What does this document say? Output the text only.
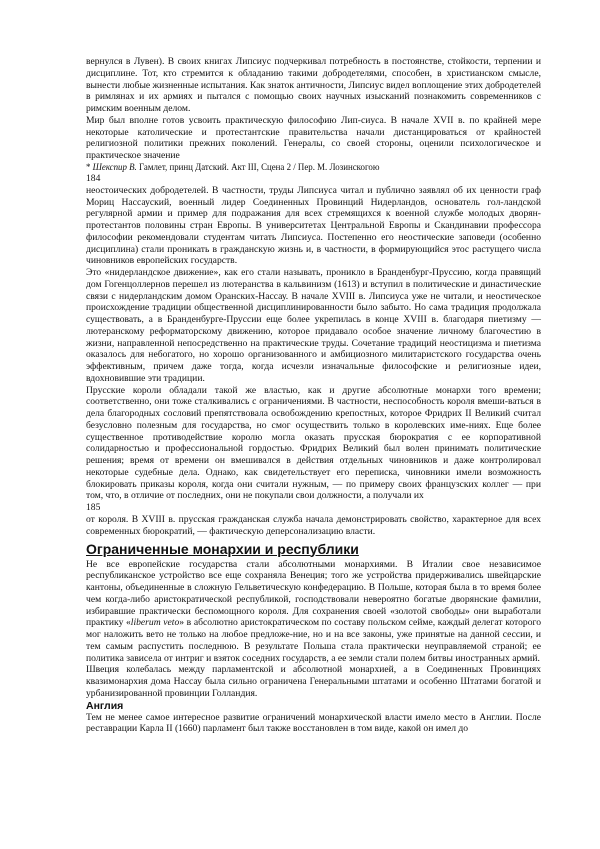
вернулся в Лувен). В своих книгах Липсиус подчеркивал потребность в постоянстве, стойкости, терпении и дисциплине. Тот, кто стремится к обладанию такими добродетелями, способен, в христианском смысле, вынести любые жизненные испытания. Как знаток античности, Липсиус видел воплощение этих добродетелей в римлянах и их армиях и пытался с помощью своих научных изысканий познакомить современников с римским военным делом.

Мир был вполне готов усвоить практическую философию Лип-сиуса. В начале XVII в. по крайней мере некоторые католические и протестантские правительства начали дистанцироваться от крайностей религиозной политики прежних поколений. Генералы, со своей стороны, оценили психологическое и практическое значение

* Шекспир В. Гамлет, принц Датский. Акт III, Сцена 2 / Пер. М. Лозинскогою

184

неостоических добродетелей. В частности, труды Липсиуса читал и публично заявлял об их ценности граф Мориц Нассауский, военный лидер Соединенных Провинций Нидерландов, основатель гол-ландской регулярной армии и пример для подражания для всех стремящихся к военной службе молодых дворян-протестантов половины стран Европы. В университетах Центральной Европы и Скандинавии профессора философии рекомендовали студентам читать Липсиуса. Постепенно его неостические заповеди (особенно дисциплина) стали проникать в гражданскую жизнь и, в частности, в формирующийся этос растущего числа чиновников европейских государств.

Это «нидерландское движение», как его стали называть, проникло в Бранденбург-Пруссию, когда правящий дом Гогенцоллернов перешел из лютеранства в кальвинизм (1613) и вступил в политические и династические связи с нидерландским домом Оранских-Нассау. В начале XVIII в. Липсиуса уже не читали, и неостическое происхождение традиции общественной дисциплинированности было забыто. Но сама традиция продолжала существовать, а в Бранденбурге-Пруссии еще более укрепилась в конце XVIII в. благодаря пиетизму — лютеранскому реформаторскому движению, которое придавало особое значение личному благочестию в жизни, направленной непосредственно на практические труды. Сочетание традиций неостицизма и пиетизма оказалось для небогатого, но хорошо организованного и амбициозного милитаристского государства очень эффективным, причем даже тогда, когда исчезли изначальные философские и религиозные идеи, вдохновившие эти традиции.

Прусские короли обладали такой же властью, как и другие абсолютные монархи того времени; соответственно, они тоже сталкивались с ограничениями. В частности, неспособность короля вмеши-ваться в дела благородных сословий препятствовала освобождению крепостных, которое Фридрих II Великий считал безусловно полезным для государства, но смог осуществить только в королевских име-ниях. Еще более существенное противодействие королю могла оказать прусская бюрократия с ее корпоративной солидарностью и профессиональной гордостью. Фридрих Великий был волен принимать политические решения; время от времени он вмешивался в действия отдельных чиновников и даже контролировал некоторые судебные дела. Однако, как свидетельствует его переписка, чиновники имели возможность блокировать приказы короля, когда они считали нужным, — по примеру своих французских коллег — при том, что, в отличие от последних, они не покупали свои должности, а получали их

185

от короля. В XVIII в. прусская гражданская служба начала демонстрировать свойство, характерное для всех современных бюрократий, — фактическую деперсонализацию власти.

Ограниченные монархии и республики

Не все европейские государства стали абсолютными монархиями. В Италии свое независимое республиканское устройство все еще сохраняла Венеция; того же устройства придерживались швейцарские кантоны, объединенные в сложную Гельветическую конфедерацию. В Польше, которая была в то время более чем когда-либо аристократической республикой, господствовали невероятно богатые дворянские фамилии, избиравшие практически беспомощного короля. Для сохранения своей «золотой свободы» они выработали практику «liberum veto» в абсолютно аристократическом по составу польском сейме, каждый делегат которого мог наложить вето не только на любое предложе-ние, но и на все законы, уже принятые на данной сессии, и тем самым распустить последнюю. В результате Польша стала практически неуправляемой страной; ее политика зависела от интриг и взяток соседних государств, а ее земли стали полем битвы иностранных армий.

Швеция колебалась между парламентской и абсолютной монархией, а в Соединенных Провинциях квазимонархия дома Нассау была сильно ограничена Генеральными штатами и особенно Штатами богатой и урбанизированной провинции Голландия.

Англия

Тем не менее самое интересное развитие ограничений монархической власти имело место в Англии. После реставрации Карла II (1660) парламент был также восстановлен в том виде, какой он имел до
